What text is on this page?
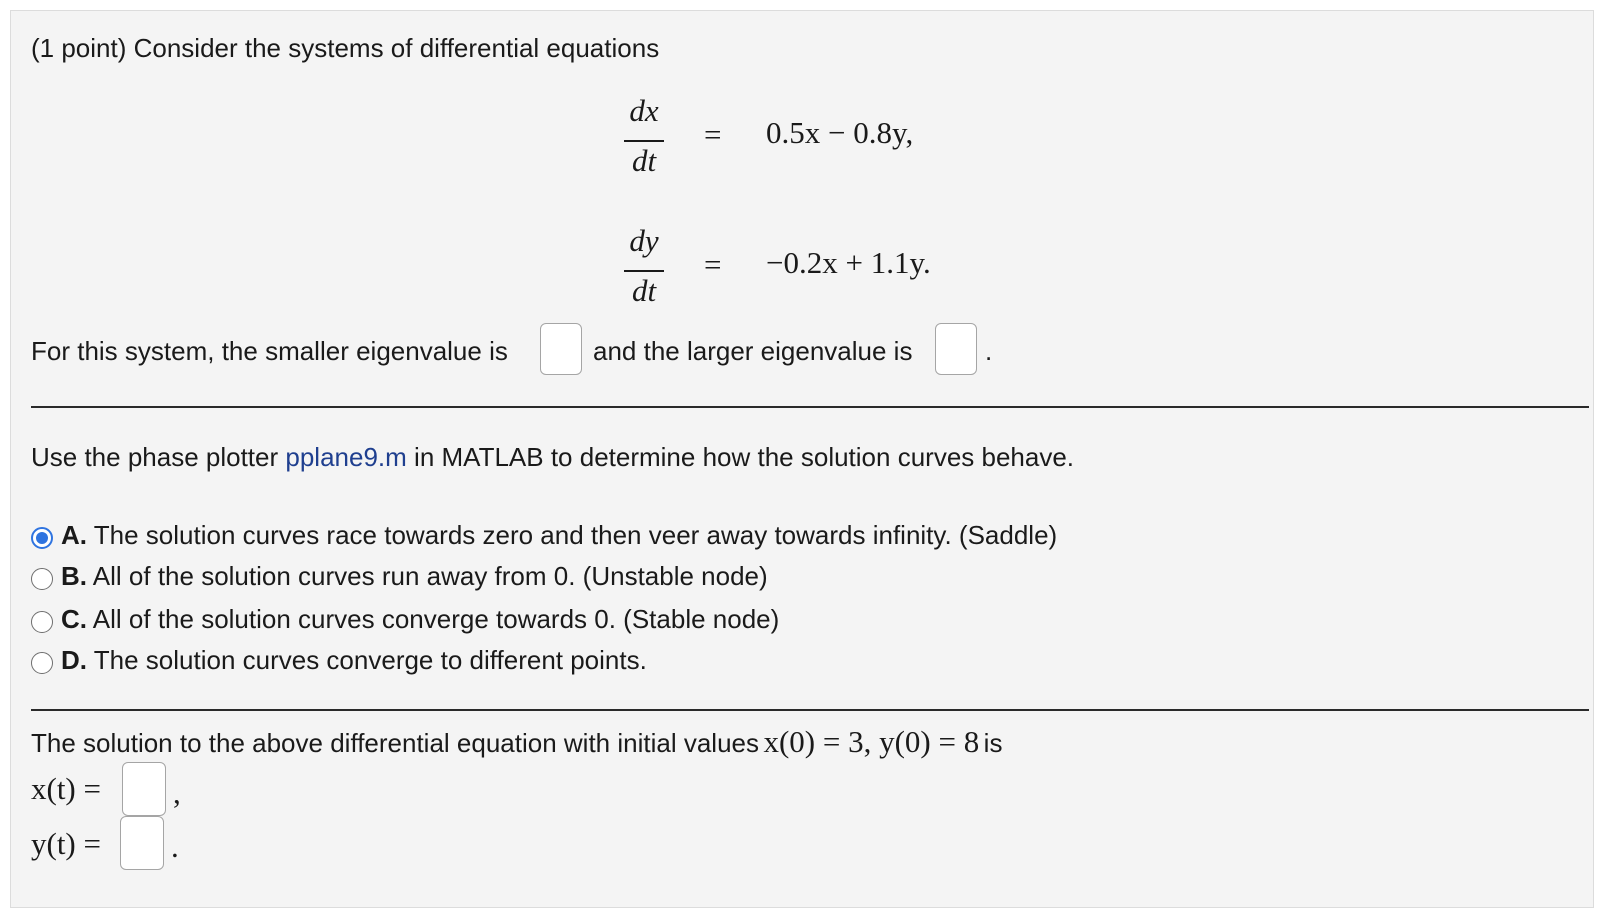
(1 point) Consider the systems of differential equations
dx
dt
= 0.5x − 0.8y,
dy
dt
= −0.2x + 1.1y.
For this system, the smaller eigenvalue is	and the larger eigenvalue is	.
Use the phase plotter pplane9.m in MATLAB to determine how the solution curves behave.
A. The solution curves race towards zero and then veer away towards infinity. (Saddle)
B. All of the solution curves run away from 0. (Unstable node)
C. All of the solution curves converge towards 0. (Stable node)
D. The solution curves converge to different points.
The solution to the above differential equation with initial values x(0) = 3, y(0) = 8 is
x(t) = ,
y(t) = .
